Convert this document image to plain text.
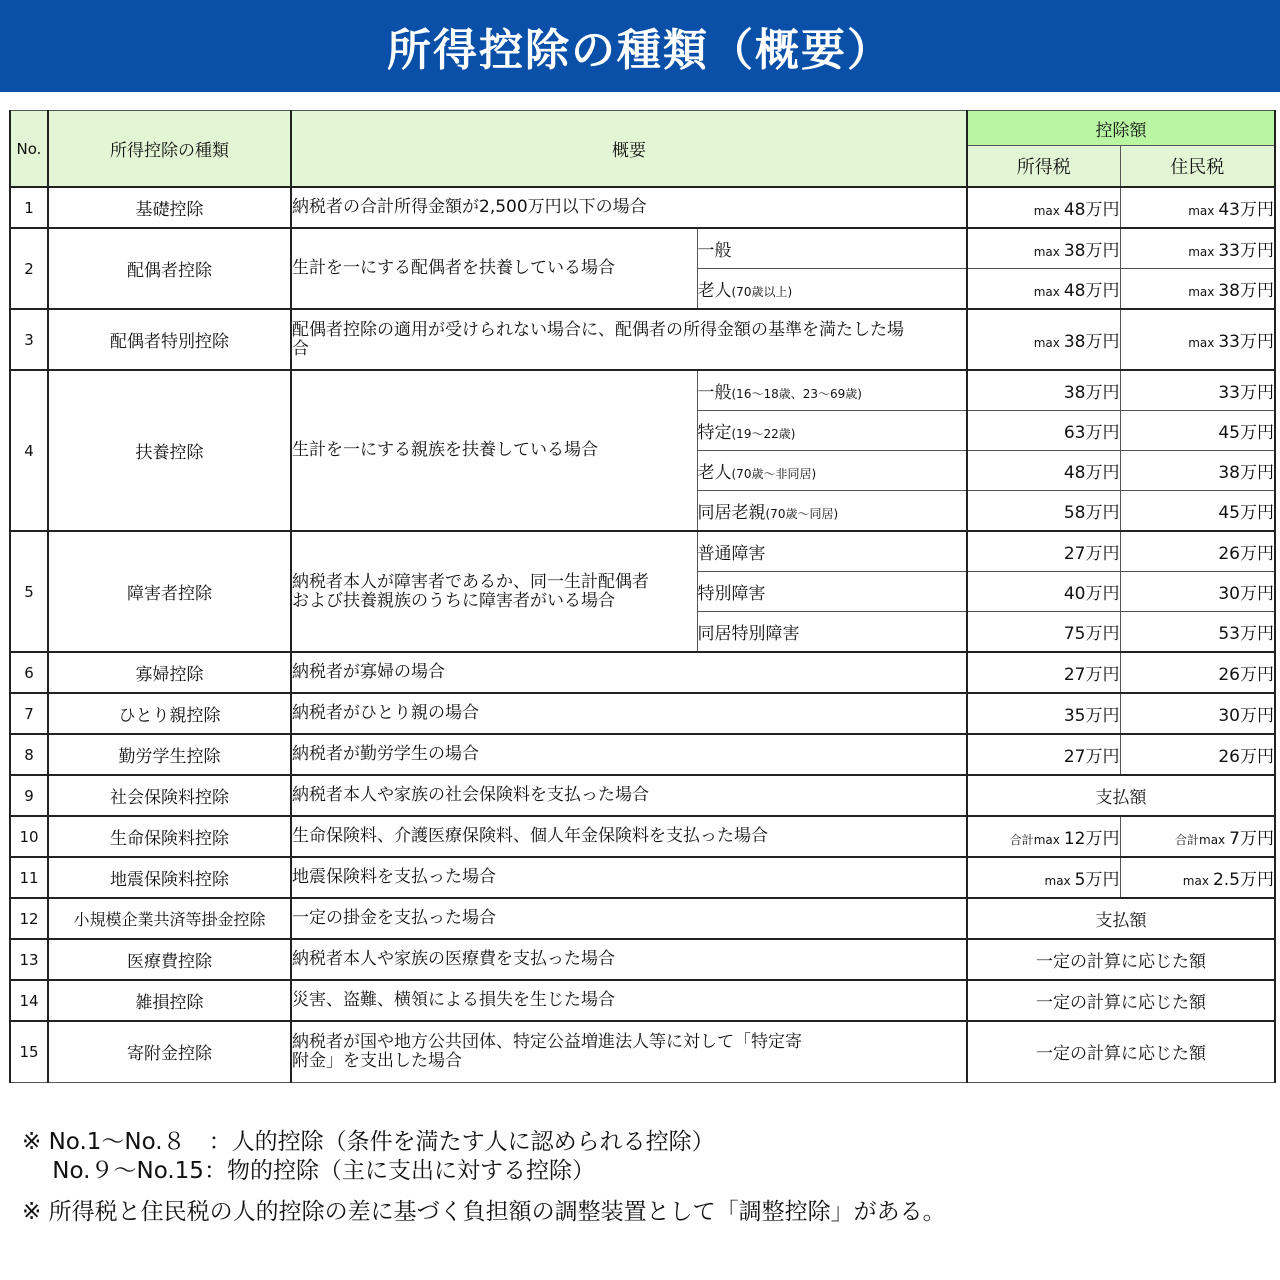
所得控除の種類（概要）
No.	所得控除の種類	概要		控除額	
				所得税	住民税
1	基礎控除	納税者の合計所得金額が2,500万円以下の場合		max 48万円	max 43万円
2	配偶者控除	生計を一にする配偶者を扶養している場合	一般	max 38万円	max 33万円
			老人(70歳以上)	max 48万円	max 38万円
3	配偶者特別控除	配偶者控除の適用が受けられない場合に、配偶者の所得金額の基準を満たした場合		max 38万円	max 33万円
4	扶養控除	生計を一にする親族を扶養している場合	一般(16～18歳、23～69歳)	38万円	33万円
			特定(19～22歳)	63万円	45万円
			老人(70歳～非同居)	48万円	38万円
			同居老親(70歳～同居)	58万円	45万円
5	障害者控除	納税者本人が障害者であるか、同一生計配偶者および扶養親族のうちに障害者がいる場合	普通障害	27万円	26万円
			特別障害	40万円	30万円
			同居特別障害	75万円	53万円
6	寡婦控除	納税者が寡婦の場合		27万円	26万円
7	ひとり親控除	納税者がひとり親の場合		35万円	30万円
8	勤労学生控除	納税者が勤労学生の場合		27万円	26万円
9	社会保険料控除	納税者本人や家族の社会保険料を支払った場合		支払額	
10	生命保険料控除	生命保険料、介護医療保険料、個人年金保険料を支払った場合		合計max 12万円	合計max 7万円
11	地震保険料控除	地震保険料を支払った場合		max 5万円	max 2.5万円
12	小規模企業共済等掛金控除	一定の掛金を支払った場合		支払額	
13	医療費控除	納税者本人や家族の医療費を支払った場合		一定の計算に応じた額	
14	雑損控除	災害、盗難、横領による損失を生じた場合		一定の計算に応じた額	
15	寄附金控除	納税者が国や地方公共団体、特定公益増進法人等に対して「特定寄附金」を支出した場合		一定の計算に応じた額	

※ No.1～No.８　：人的控除（条件を満たす人に認められる控除）

　 No.９～No.15：物的控除（主に支出に対する控除）

※ 所得税と住民税の人的控除の差に基づく負担額の調整装置として「調整控除」がある。
